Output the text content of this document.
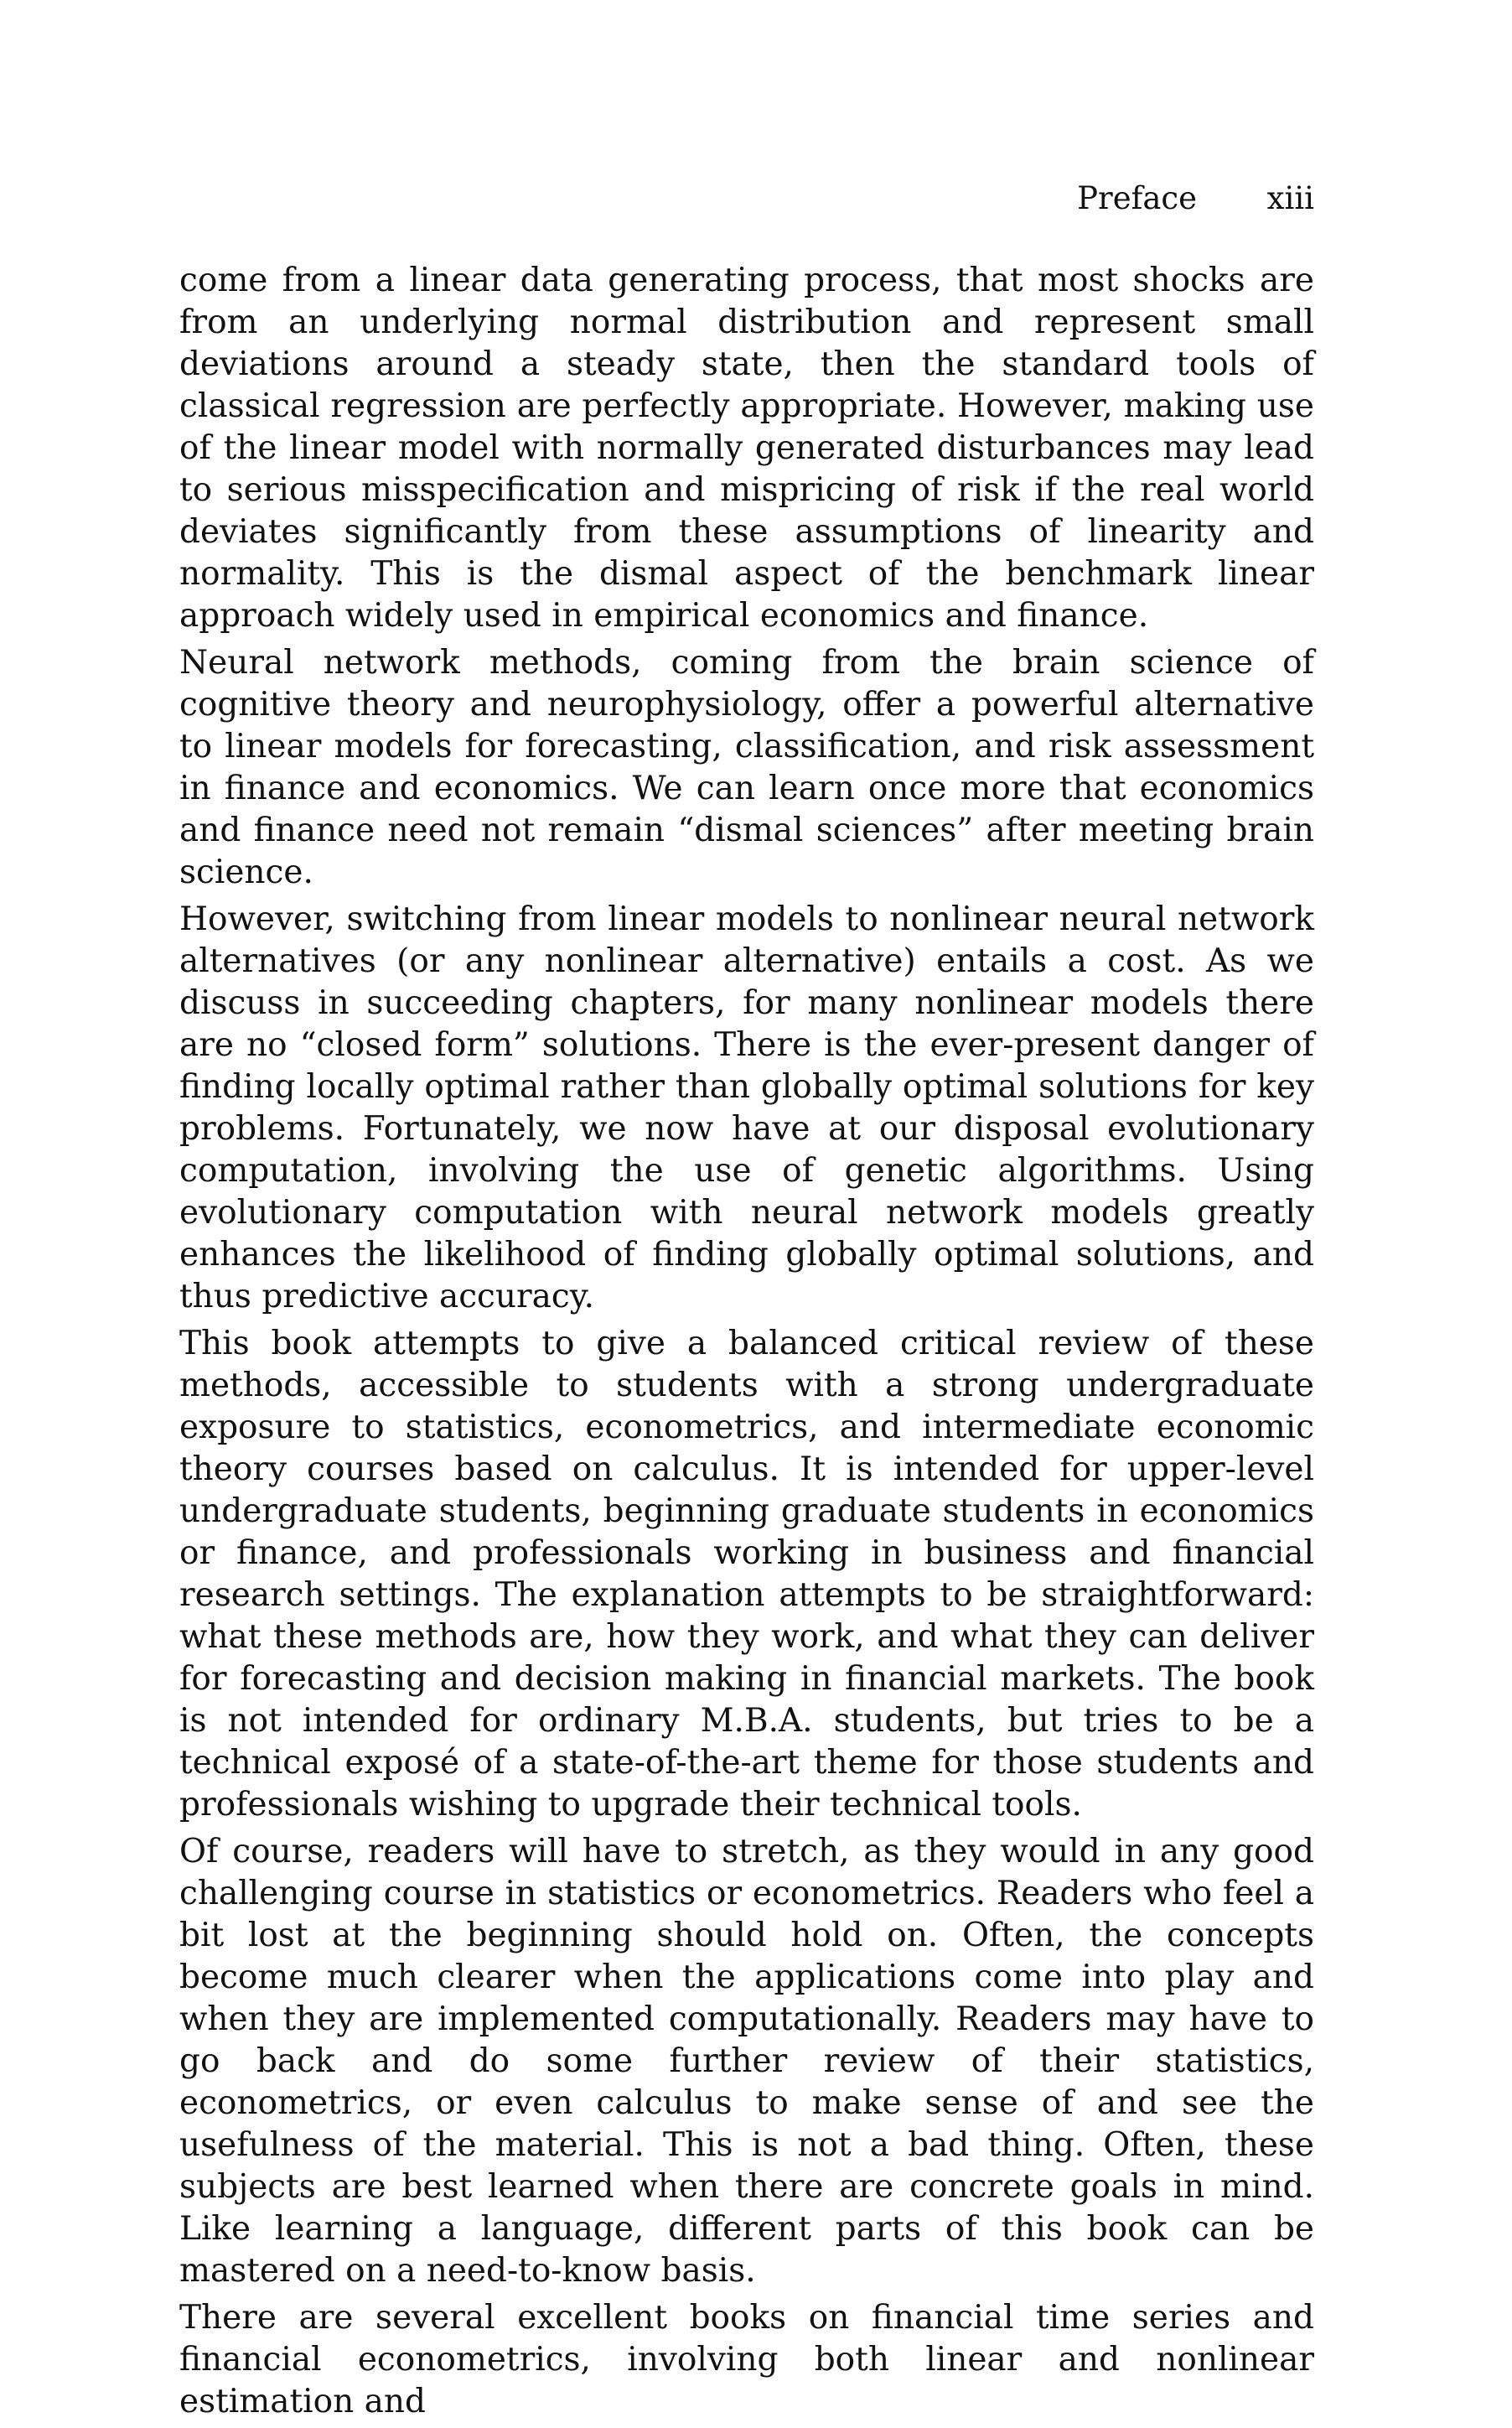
Preface xiii

come from a linear data generating process, that most shocks are from an underlying normal distribution and represent small deviations around a steady state, then the standard tools of classical regression are perfectly appropriate. However, making use of the linear model with normally generated disturbances may lead to serious misspecification and mispricing of risk if the real world deviates significantly from these assumptions of linearity and normality. This is the dismal aspect of the benchmark linear approach widely used in empirical economics and finance.

Neural network methods, coming from the brain science of cognitive theory and neurophysiology, offer a powerful alternative to linear models for forecasting, classification, and risk assessment in finance and economics. We can learn once more that economics and finance need not remain “dismal sciences” after meeting brain science.

However, switching from linear models to nonlinear neural network alternatives (or any nonlinear alternative) entails a cost. As we discuss in succeeding chapters, for many nonlinear models there are no “closed form” solutions. There is the ever-present danger of finding locally optimal rather than globally optimal solutions for key problems. Fortunately, we now have at our disposal evolutionary computation, involving the use of genetic algorithms. Using evolutionary computation with neural network models greatly enhances the likelihood of finding globally optimal solutions, and thus predictive accuracy.

This book attempts to give a balanced critical review of these methods, accessible to students with a strong undergraduate exposure to statistics, econometrics, and intermediate economic theory courses based on calculus. It is intended for upper-level undergraduate students, beginning graduate students in economics or finance, and professionals working in business and financial research settings. The explanation attempts to be straightforward: what these methods are, how they work, and what they can deliver for forecasting and decision making in financial markets. The book is not intended for ordinary M.B.A. students, but tries to be a technical exposé of a state-of-the-art theme for those students and professionals wishing to upgrade their technical tools.

Of course, readers will have to stretch, as they would in any good challenging course in statistics or econometrics. Readers who feel a bit lost at the beginning should hold on. Often, the concepts become much clearer when the applications come into play and when they are implemented computationally. Readers may have to go back and do some further review of their statistics, econometrics, or even calculus to make sense of and see the usefulness of the material. This is not a bad thing. Often, these subjects are best learned when there are concrete goals in mind. Like learning a language, different parts of this book can be mastered on a need-to-know basis.

There are several excellent books on financial time series and financial econometrics, involving both linear and nonlinear estimation and
